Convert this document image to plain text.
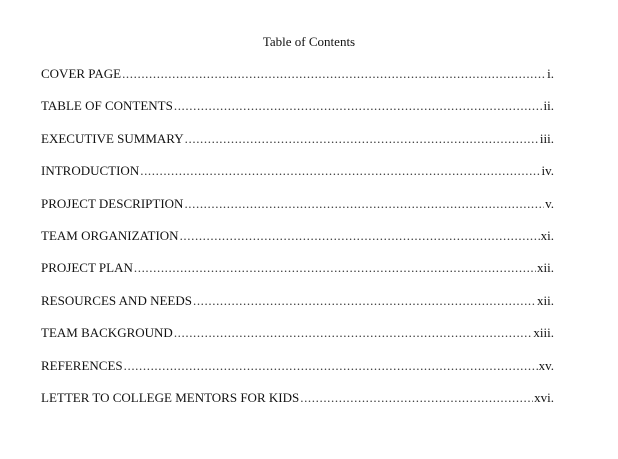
Table of Contents
COVER PAGE .....	i.
TABLE OF CONTENTS .....	ii.
EXECUTIVE SUMMARY .....	iii.
INTRODUCTION .....	iv.
PROJECT DESCRIPTION .....	v.
TEAM ORGANIZATION .....	xi.
PROJECT PLAN .....	xii.
RESOURCES AND NEEDS .....	xii.
TEAM BACKGROUND .....	xiii.
REFERENCES .....	xv.
LETTER TO COLLEGE MENTORS FOR KIDS .....	xvi.
